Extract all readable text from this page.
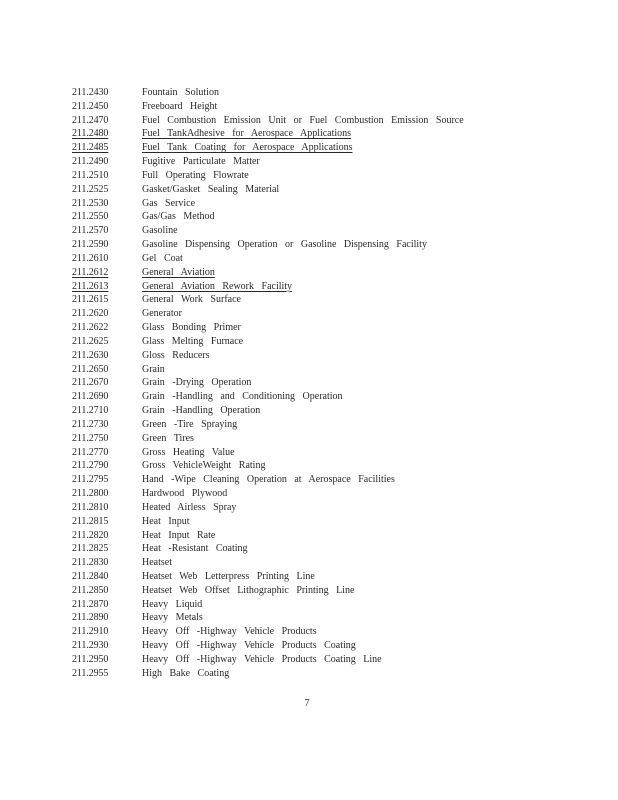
211.2430	Fountain Solution
211.2450	Freeboard Height
211.2470	Fuel Combustion Emission Unit or Fuel Combustion Emission Source
211.2480	Fuel TankAdhesive for Aerospace Applications
211.2485	Fuel Tank Coating for Aerospace Applications
211.2490	Fugitive Particulate Matter
211.2510	Full Operating Flowrate
211.2525	Gasket/Gasket Sealing Material
211.2530	Gas Service
211.2550	Gas/Gas Method
211.2570	Gasoline
211.2590	Gasoline Dispensing Operation or Gasoline Dispensing Facility
211.2610	Gel Coat
211.2612	General Aviation
211.2613	General Aviation Rework Facility
211.2615	General Work Surface
211.2620	Generator
211.2622	Glass Bonding Primer
211.2625	Glass Melting Furnace
211.2630	Gloss Reducers
211.2650	Grain
211.2670	Grain -Drying Operation
211.2690	Grain -Handling and Conditioning Operation
211.2710	Grain -Handling Operation
211.2730	Green -Tire Spraying
211.2750	Green Tires
211.2770	Gross Heating Value
211.2790	Gross VehicleWeight Rating
211.2795	Hand -Wipe Cleaning Operation at Aerospace Facilities
211.2800	Hardwood Plywood
211.2810	Heated Airless Spray
211.2815	Heat Input
211.2820	Heat Input Rate
211.2825	Heat -Resistant Coating
211.2830	Heatset
211.2840	Heatset Web Letterpress Printing Line
211.2850	Heatset Web Offset Lithographic Printing Line
211.2870	Heavy Liquid
211.2890	Heavy Metals
211.2910	Heavy Off -Highway Vehicle Products
211.2930	Heavy Off -Highway Vehicle Products Coating
211.2950	Heavy Off -Highway Vehicle Products Coating Line
211.2955	High Bake Coating
7
